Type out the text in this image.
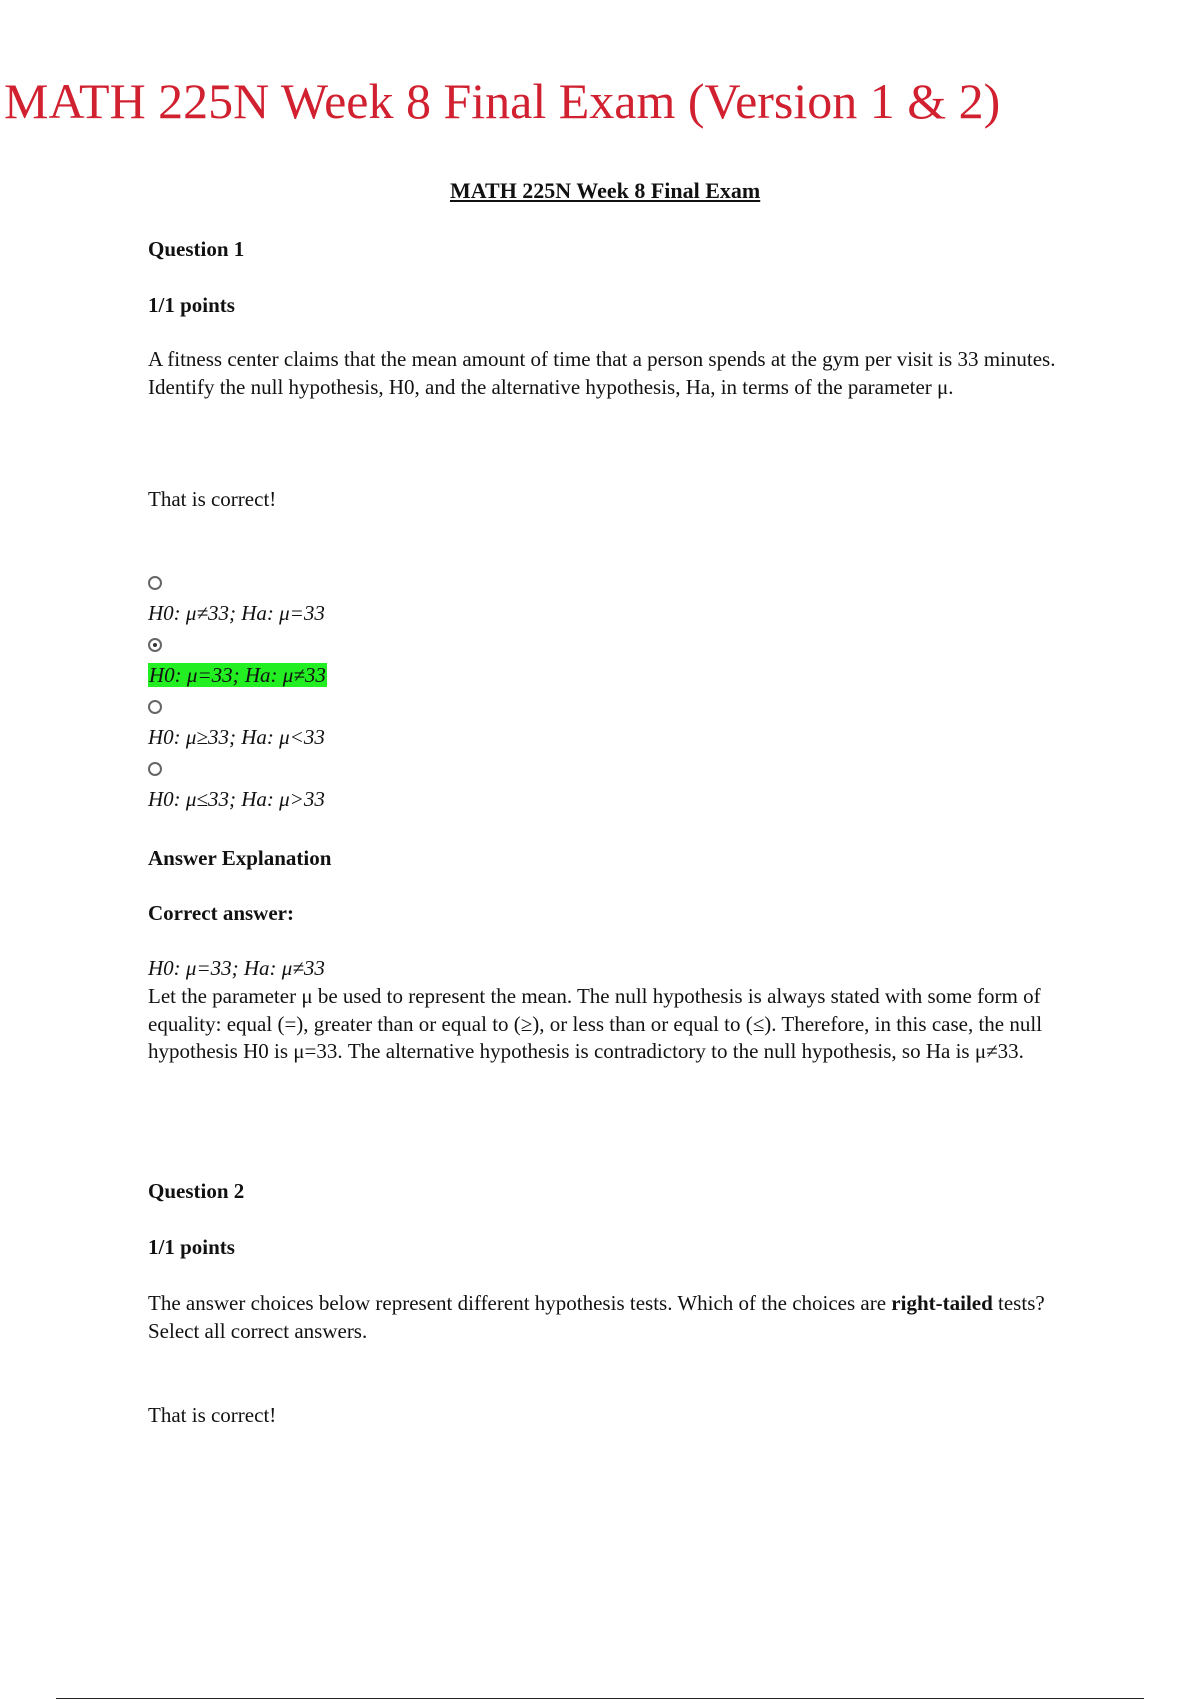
MATH 225N Week 8 Final Exam (Version 1 & 2)
MATH 225N Week 8 Final Exam
Question 1
1/1 points
A fitness center claims that the mean amount of time that a person spends at the gym per visit is 33 minutes. Identify the null hypothesis, H0, and the alternative hypothesis, Ha, in terms of the parameter μ.
That is correct!
H0: μ≠33; Ha: μ=33
H0: μ=33; Ha: μ≠33
H0: μ≥33; Ha: μ<33
H0: μ≤33; Ha: μ>33
Answer Explanation
Correct answer:
H0: μ=33; Ha: μ≠33
Let the parameter μ be used to represent the mean. The null hypothesis is always stated with some form of equality: equal (=), greater than or equal to (≥), or less than or equal to (≤). Therefore, in this case, the null hypothesis H0 is μ=33. The alternative hypothesis is contradictory to the null hypothesis, so Ha is μ≠33.
Question 2
1/1 points
The answer choices below represent different hypothesis tests. Which of the choices are right-tailed tests? Select all correct answers.
That is correct!
